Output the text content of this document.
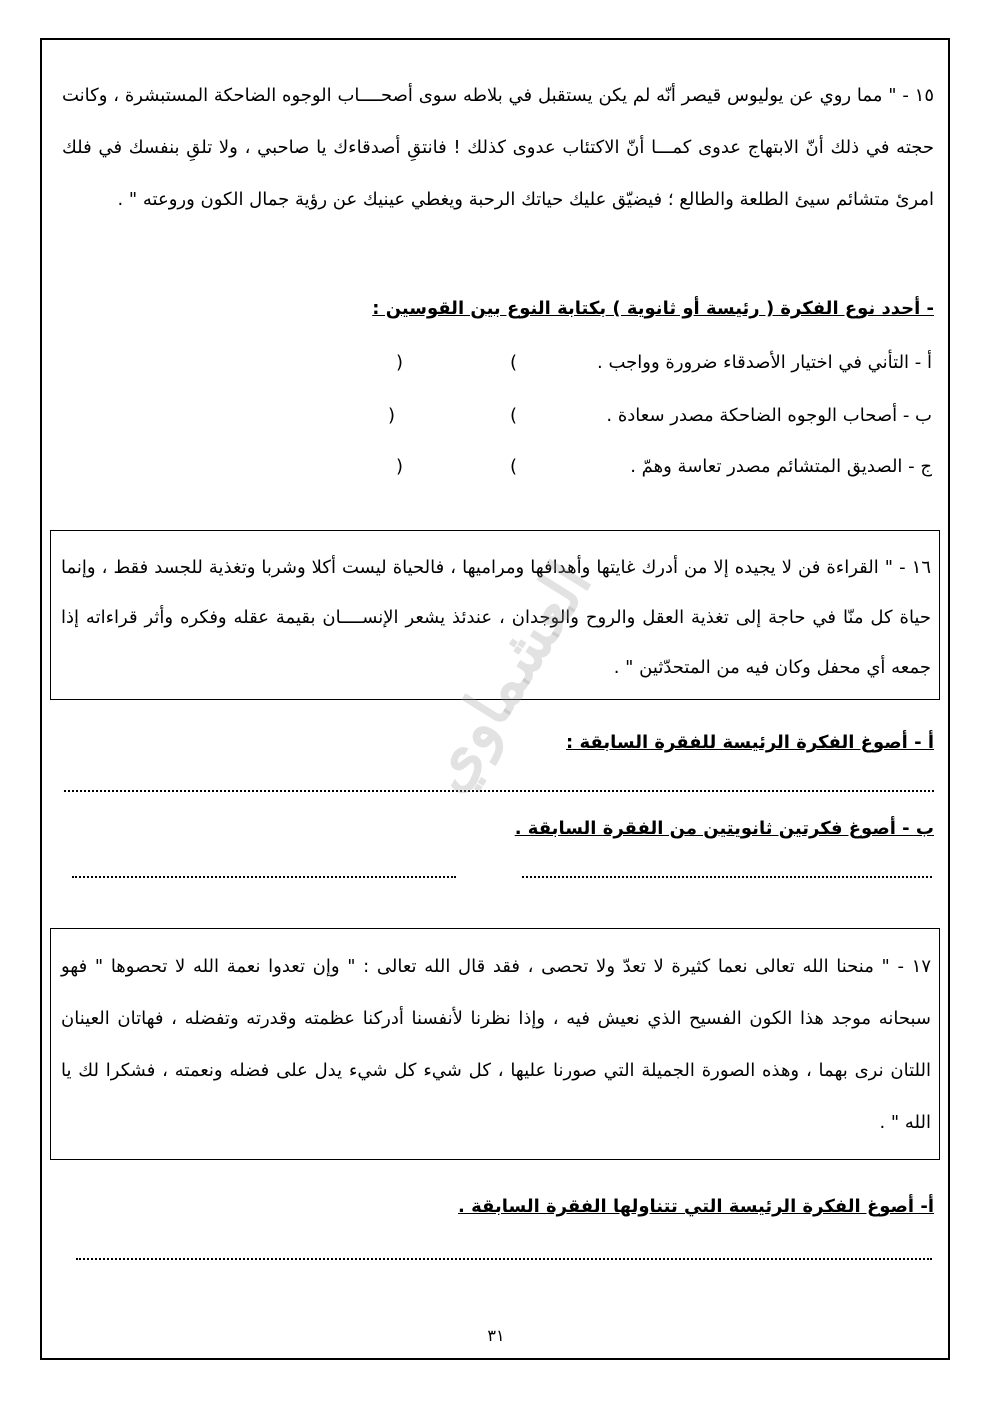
١٥ - " مما روي عن يوليوس قيصر أنّه لم يكن يستقبل في بلاطه سوى أصحــــاب الوجوه الضاحكة المستبشرة ، وكانت حجته في ذلك أنّ الابتهاج عدوى كمـــا أنّ الاكتئاب عدوى كذلك ! فانتقِ أصدقاءك يا صاحبي ، ولا تلقِ بنفسك في فلك امرئ متشائم سيئ الطلعة والطالع ؛ فيضيّق عليك حياتك الرحبة ويغطي عينيك عن رؤية جمال الكون وروعته " .
- أحدد نوع الفكرة ( رئيسة أو ثانوية ) بكتابة النوع بين القوسين :
أ - التأني في اختيار الأصدقاء ضرورة وواجب .
(
)
ب - أصحاب الوجوه الضاحكة مصدر سعادة .
(
)
ج - الصديق المتشائم مصدر تعاسة وهمّ .
(
)
١٦ - " القراءة فن لا يجيده إلا من أدرك غايتها وأهدافها ومراميها ، فالحياة ليست أكلا وشربا وتغذية للجسد فقط ، وإنما حياة كل منّا في حاجة إلى تغذية العقل والروح والوجدان ، عندئذ يشعر الإنســــان بقيمة عقله وفكره وأثر قراءاته إذا جمعه أي محفل وكان فيه من المتحدّثين " .
أ - أصوغ الفكرة الرئيسة للفقرة السابقة :
ب - أصوغ فكرتين ثانويتين من الفقرة السابقة .
١٧ - " منحنا الله تعالى نعما كثيرة لا تعدّ ولا تحصى ، فقد قال الله تعالى : " وإن تعدوا نعمة الله لا تحصوها " فهو سبحانه موجد هذا الكون الفسيح الذي نعيش فيه ، وإذا نظرنا لأنفسنا أدركنا عظمته وقدرته وتفضله ، فهاتان العينان اللتان نرى بهما ، وهذه الصورة الجميلة التي صورنا عليها ، كل شيء كل شيء يدل على فضله ونعمته ، فشكرا لك يا الله " .
أ- أصوغ الفكرة الرئيسة التي تتناولها الفقرة السابقة .
العشماوي
٣١
